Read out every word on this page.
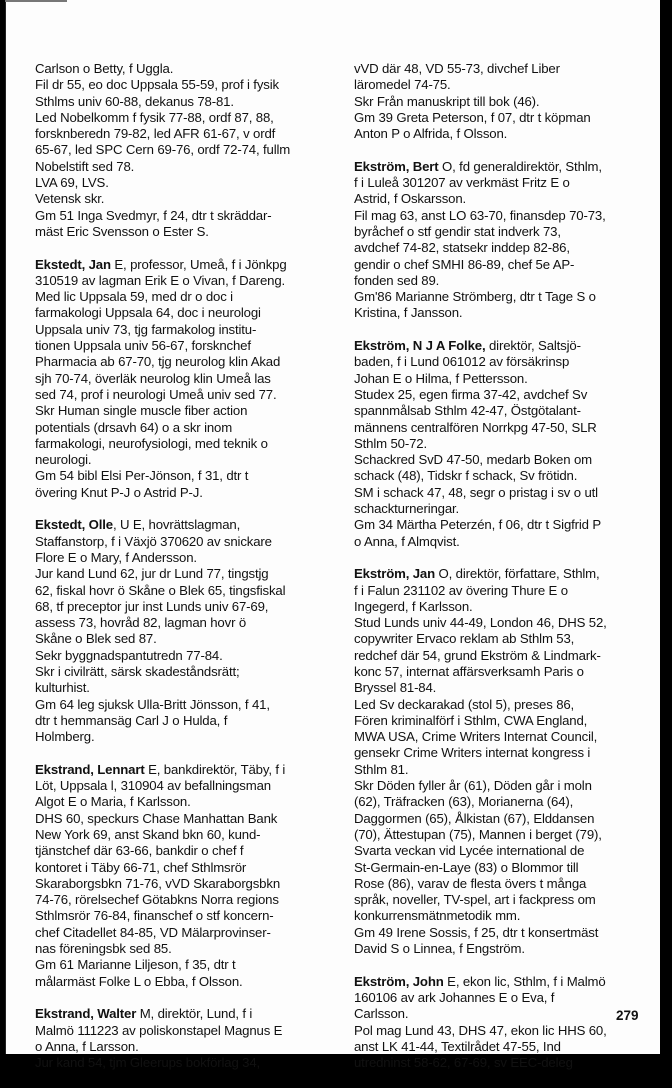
Carlson o Betty, f Uggla.
Fil dr 55, eo doc Uppsala 55-59, prof i fysik
Sthlms univ 60-88, dekanus 78-81.
Led Nobelkomm f fysik 77-88, ordf 87, 88,
forsknberedn 79-82, led AFR 61-67, v ordf
65-67, led SPC Cern 69-76, ordf 72-74, fullm
Nobelstift sed 78.
LVA 69, LVS.
Vetensk skr.
Gm 51 Inga Svedmyr, f 24, dtr t skräddar-
mäst Eric Svensson o Ester S.
Ekstedt, Jan E, professor, Umeå, f i Jönkpg
310519 av lagman Erik E o Vivan, f Dareng.
Med lic Uppsala 59, med dr o doc i
farmakologi Uppsala 64, doc i neurologi
Uppsala univ 73, tjg farmakolog institu-
tionen Uppsala univ 56-67, forsknchef
Pharmacia ab 67-70, tjg neurolog klin Akad
sjh 70-74, överläk neurolog klin Umeå las
sed 74, prof i neurologi Umeå univ sed 77.
Skr Human single muscle fiber action
potentials (drsavh 64) o a skr inom
farmakologi, neurofysiologi, med teknik o
neurologi.
Gm 54 bibl Elsi Per-Jönson, f 31, dtr t
övering Knut P-J o Astrid P-J.
Ekstedt, Olle, U E, hovrättslagman,
Staffanstorp, f i Växjö 370620 av snickare
Flore E o Mary, f Andersson.
Jur kand Lund 62, jur dr Lund 77, tingstjg
62, fiskal hovr ö Skåne o Blek 65, tingsfiskal
68, tf preceptor jur inst Lunds univ 67-69,
assess 73, hovråd 82, lagman hovr ö
Skåne o Blek sed 87.
Sekr byggnadspantutredn 77-84.
Skr i civilrätt, särsk skadeståndsrätt;
kulturhist.
Gm 64 leg sjuksk Ulla-Britt Jönsson, f 41,
dtr t hemmansäg Carl J o Hulda, f
Holmberg.
Ekstrand, Lennart E, bankdirektör, Täby, f i
Löt, Uppsala l, 310904 av befallningsman
Algot E o Maria, f Karlsson.
DHS 60, speckurs Chase Manhattan Bank
New York 69, anst Skand bkn 60, kund-
tjänstchef där 63-66, bankdir o chef f
kontoret i Täby 66-71, chef Sthlmsrör
Skaraborgsbkn 71-76, vVD Skaraborgsbkn
74-76, rörelsechef Götabkns Norra regions
Sthlmsrör 76-84, finanschef o stf koncern-
chef Citadellet 84-85, VD Mälarprovinser-
nas föreningsbk sed 85.
Gm 61 Marianne Liljeson, f 35, dtr t
målarmäst Folke L o Ebba, f Olsson.
Ekstrand, Walter M, direktör, Lund, f i
Malmö 111223 av poliskonstapel Magnus E
o Anna, f Larsson.
Jur kand 54, tjm Gleerups bokförlag 34,
vVD där 48, VD 55-73, divchef Liber
läromedel 74-75.
Skr Från manuskript till bok (46).
Gm 39 Greta Peterson, f 07, dtr t köpman
Anton P o Alfrida, f Olsson.
Ekström, Bert O, fd generaldirektör, Sthlm,
f i Luleå 301207 av verkmäst Fritz E o
Astrid, f Oskarsson.
Fil mag 63, anst LO 63-70, finansdep 70-73,
byråchef o stf gendir stat indverk 73,
avdchef 74-82, statsekr inddep 82-86,
gendir o chef SMHI 86-89, chef 5e AP-
fonden sed 89.
Gm'86 Marianne Strömberg, dtr t Tage S o
Kristina, f Jansson.
Ekström, N J A Folke, direktör, Saltsjö-
baden, f i Lund 061012 av försäkrinsp
Johan E o Hilma, f Pettersson.
Studex 25, egen firma 37-42, avdchef Sv
spannmålsab Sthlm 42-47, Östgötalant-
männens centralfören Norrkpg 47-50, SLR
Sthlm 50-72.
Schackred SvD 47-50, medarb Boken om
schack (48), Tidskr f schack, Sv frötidn.
SM i schack 47, 48, segr o pristag i sv o utl
schackturneringar.
Gm 34 Märtha Peterzén, f 06, dtr t Sigfrid P
o Anna, f Almqvist.
Ekström, Jan O, direktör, författare, Sthlm,
f i Falun 231102 av övering Thure E o
Ingegerd, f Karlsson.
Stud Lunds univ 44-49, London 46, DHS 52,
copywriter Ervaco reklam ab Sthlm 53,
redchef där 54, grund Ekström & Lindmark-
konc 57, internat affärsverksamh Paris o
Bryssel 81-84.
Led Sv deckarakad (stol 5), preses 86,
Fören kriminalförf i Sthlm, CWA England,
MWA USA, Crime Writers Internat Council,
gensekr Crime Writers internat kongress i
Sthlm 81.
Skr Döden fyller år (61), Döden går i moln
(62), Träfracken (63), Morianerna (64),
Daggormen (65), Ålkistan (67), Elddansen
(70), Ättestupan (75), Mannen i berget (79),
Svarta veckan vid Lycée international de
St-Germain-en-Laye (83) o Blommor till
Rose (86), varav de flesta övers t många
språk, noveller, TV-spel, art i fackpress om
konkurrensmätnmetodik mm.
Gm 49 Irene Sossis, f 25, dtr t konsertmäst
David S o Linnea, f Engström.
Ekström, John E, ekon lic, Sthlm, f i Malmö
160106 av ark Johannes E o Eva, f
Carlsson.
Pol mag Lund 43, DHS 47, ekon lic HHS 60,
anst LK 41-44, Textilrådet 47-55, Ind
utredninst 58-62, 67-69, sv EEC-deleg
279
